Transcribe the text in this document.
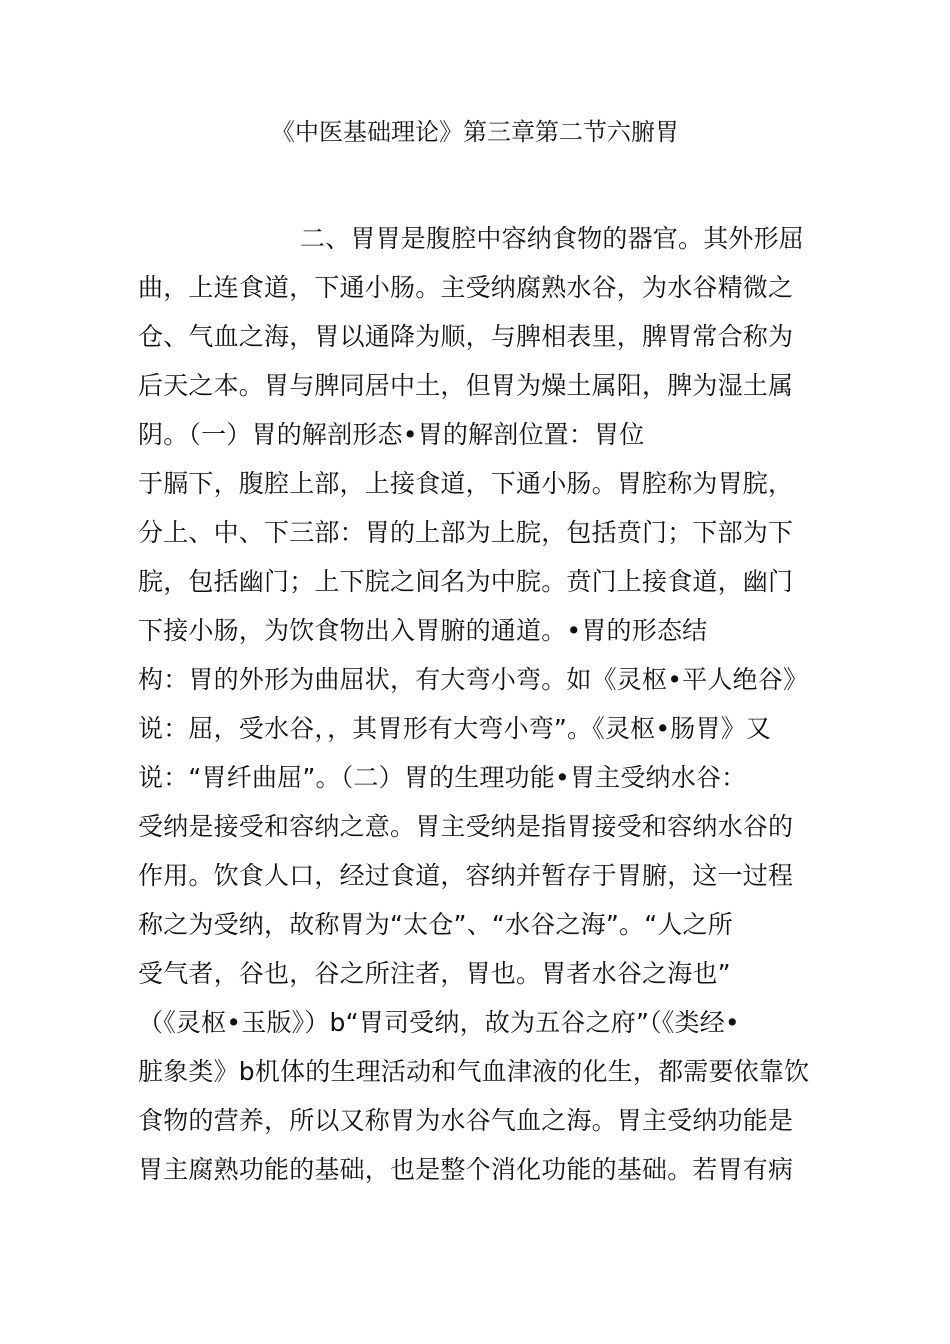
《中医基础理论》第三章第二节六腑胃
二、胃胃是腹腔中容纳食物的器官。其外形屈
曲，上连食道，下通小肠。主受纳腐熟水谷，为水谷精微之
仓、气血之海，胃以通降为顺，与脾相表里，脾胃常合称为
后天之本。胃与脾同居中土，但胃为燥土属阳，脾为湿土属
阴。（一）胃的解剖形态•胃的解剖位置：胃位
于膈下，腹腔上部，上接食道，下通小肠。胃腔称为胃脘，
分上、中、下三部：胃的上部为上脘，包括贲门；下部为下
脘，包括幽门；上下脘之间名为中脘。贲门上接食道，幽门
下接小肠，为饮食物出入胃腑的通道。•胃的形态结
构：胃的外形为曲屈状，有大弯小弯。如《灵枢•平人绝谷》
说：屈，受水谷，，其胃形有大弯小弯”。《灵枢•肠胃》又
说：“胃纤曲屈”。（二）胃的生理功能•胃主受纳水谷：
受纳是接受和容纳之意。胃主受纳是指胃接受和容纳水谷的
作用。饮食人口，经过食道，容纳并暂存于胃腑，这一过程
称之为受纳，故称胃为“太仓”、“水谷之海”。“人之所
受气者，谷也，谷之所注者，胃也。胃者水谷之海也”
（《灵枢•玉版》）b“胃司受纳，故为五谷之府”（《类经•
脏象类》b机体的生理活动和气血津液的化生，都需要依靠饮
食物的营养，所以又称胃为水谷气血之海。胃主受纳功能是
胃主腐熟功能的基础，也是整个消化功能的基础。若胃有病
